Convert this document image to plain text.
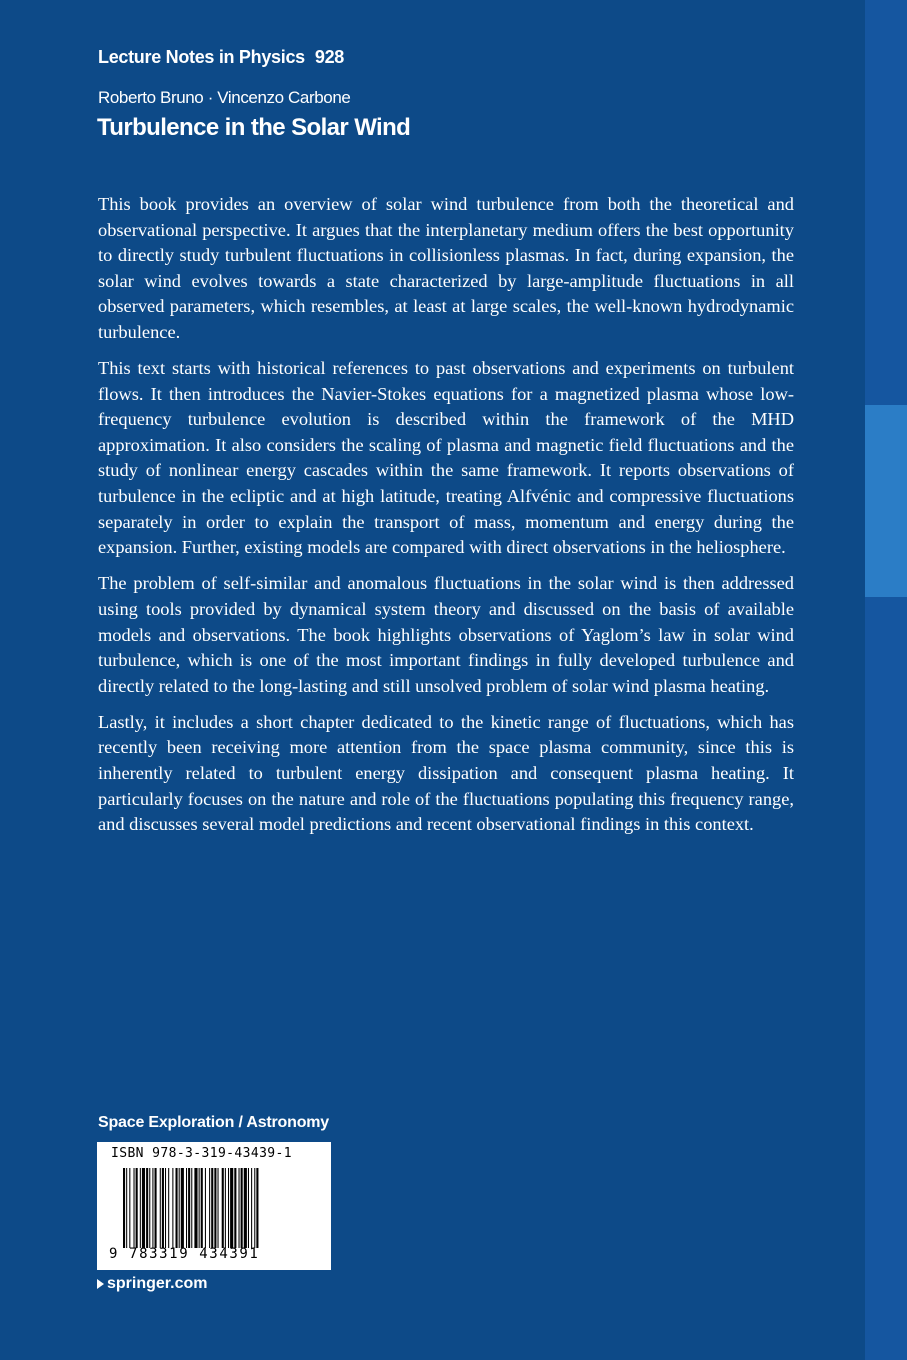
Lecture Notes in Physics 928
Roberto Bruno · Vincenzo Carbone
Turbulence in the Solar Wind

This book provides an overview of solar wind turbulence from both the theoretical and observational perspective. It argues that the interplanetary medium offers the best opportunity to directly study turbulent fluctuations in collisionless plasmas. In fact, during expansion, the solar wind evolves towards a state characterized by large-amplitude fluctuations in all observed parameters, which resembles, at least at large scales, the well-known hydrodynamic turbulence.

This text starts with historical references to past observations and experiments on turbulent flows. It then introduces the Navier-Stokes equations for a magnetized plasma whose low-frequency turbulence evolution is described within the framework of the MHD approximation. It also considers the scaling of plasma and magnetic field fluctuations and the study of nonlinear energy cascades within the same framework. It reports observations of turbulence in the ecliptic and at high latitude, treating Alfvénic and compressive fluctuations separately in order to explain the transport of mass, momentum and energy during the expansion. Further, existing models are compared with direct observations in the heliosphere.

The problem of self-similar and anomalous fluctuations in the solar wind is then addressed using tools provided by dynamical system theory and discussed on the basis of available models and observations. The book highlights observations of Yaglom’s law in solar wind turbulence, which is one of the most important findings in fully developed turbulence and directly related to the long-lasting and still unsolved problem of solar wind plasma heating.

Lastly, it includes a short chapter dedicated to the kinetic range of fluctuations, which has recently been receiving more attention from the space plasma community, since this is inherently related to turbulent energy dissipation and consequent plasma heating. It particularly focuses on the nature and role of the fluctuations populating this frequency range, and discusses several model predictions and recent observational findings in this context.

Space Exploration / Astronomy
ISBN 978-3-319-43439-1
9 783319 434391
springer.com
